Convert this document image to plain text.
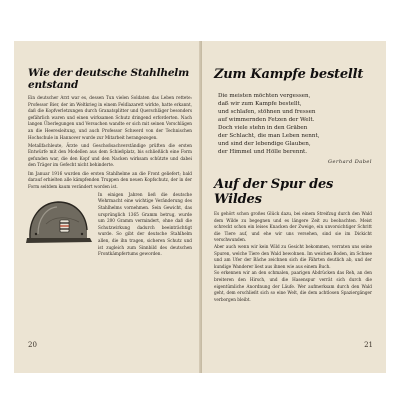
Wie der deutsche Stahlhelm entstand

Ein deutscher Arzt war es, dessen Tun vielen Soldaten das Leben rettete: Professor Bier, der im Weltkrieg in einem Feldlazarett wirkte, hatte erkannt, daß die Kopfverletzungen durch Granatsplitter und Querschläger besonders gefährlich waren und einen wirksamen Schutz dringend erforderten. Nach langen Überlegungen und Versuchen wandte er sich mit seinen Vorschlägen an die Heeresleitung, und auch Professor Schwerd von der Technischen Hochschule in Hannover wurde zur Mitarbeit herangezogen.

Metallfachleute, Ärzte und Geschoßsachverständige prüften die ersten Entwürfe mit den Modellen aus dem Schießplatz, bis schließlich eine Form gefunden war, die den Kopf und den Nacken wirksam schützte und dabei den Träger im Gefecht nicht behinderte.

Im Januar 1916 wurden die ersten Stahlhelme an die Front geliefert; bald darauf erhielten alle kämpfenden Truppen den neuen Kopfschutz, der in der Form seitdem kaum verändert worden ist.

In einigen Jahren ließ die deutsche Wehrmacht eine wichtige Veränderung des Stahlhelms vornehmen. Sein Gewicht, das ursprünglich 1365 Gramm betrug, wurde um 200 Gramm vermindert, ohne daß die Schutzwirkung dadurch beeinträchtigt wurde. So gibt der deutsche Stahlhelm allen, die ihn tragen, sicheren Schutz und ist zugleich zum Sinnbild des deutschen Frontkämpfertums geworden.

20
Zum Kampfe bestellt
Die meisten möchten vergessen,
daß wir zum Kampfe bestellt,
und schlafen, stöhnen und fressen
auf wimmernden Fetzen der Welt.
Doch viele stehn in den Gräben
der Schlacht, die man Leben nennt,
und sind der lebendige Glauben,
der Himmel und Hölle berennt.

Gerhard Dabel

Auf der Spur des Wildes

Es gehört schon großes Glück dazu, bei einem Streifzug durch den Wald dem Wilde zu begegnen und es längere Zeit zu beobachten. Meist schreckt schon ein leises Knacken der Zweige, ein unvorsichtiger Schritt die Tiere auf, und ehe wir uns versehen, sind sie im Dickicht verschwunden.

Aber auch wenn wir kein Wild zu Gesicht bekommen, verraten uns seine Spuren, welche Tiere den Wald bewohnen. Im weichen Boden, im Schnee und am Ufer der Bäche zeichnen sich die Fährten deutlich ab, und der kundige Wanderer liest aus ihnen wie aus einem Buch.

So erkennen wir an den schmalen, paarigen Abdrücken das Reh, an den breiteren den Hirsch, und die Hasenspur verrät sich durch die eigentümliche Anordnung der Läufe. Wer aufmerksam durch den Wald geht, dem erschließt sich so eine Welt, die dem achtlosen Spaziergänger verborgen bleibt.

21
